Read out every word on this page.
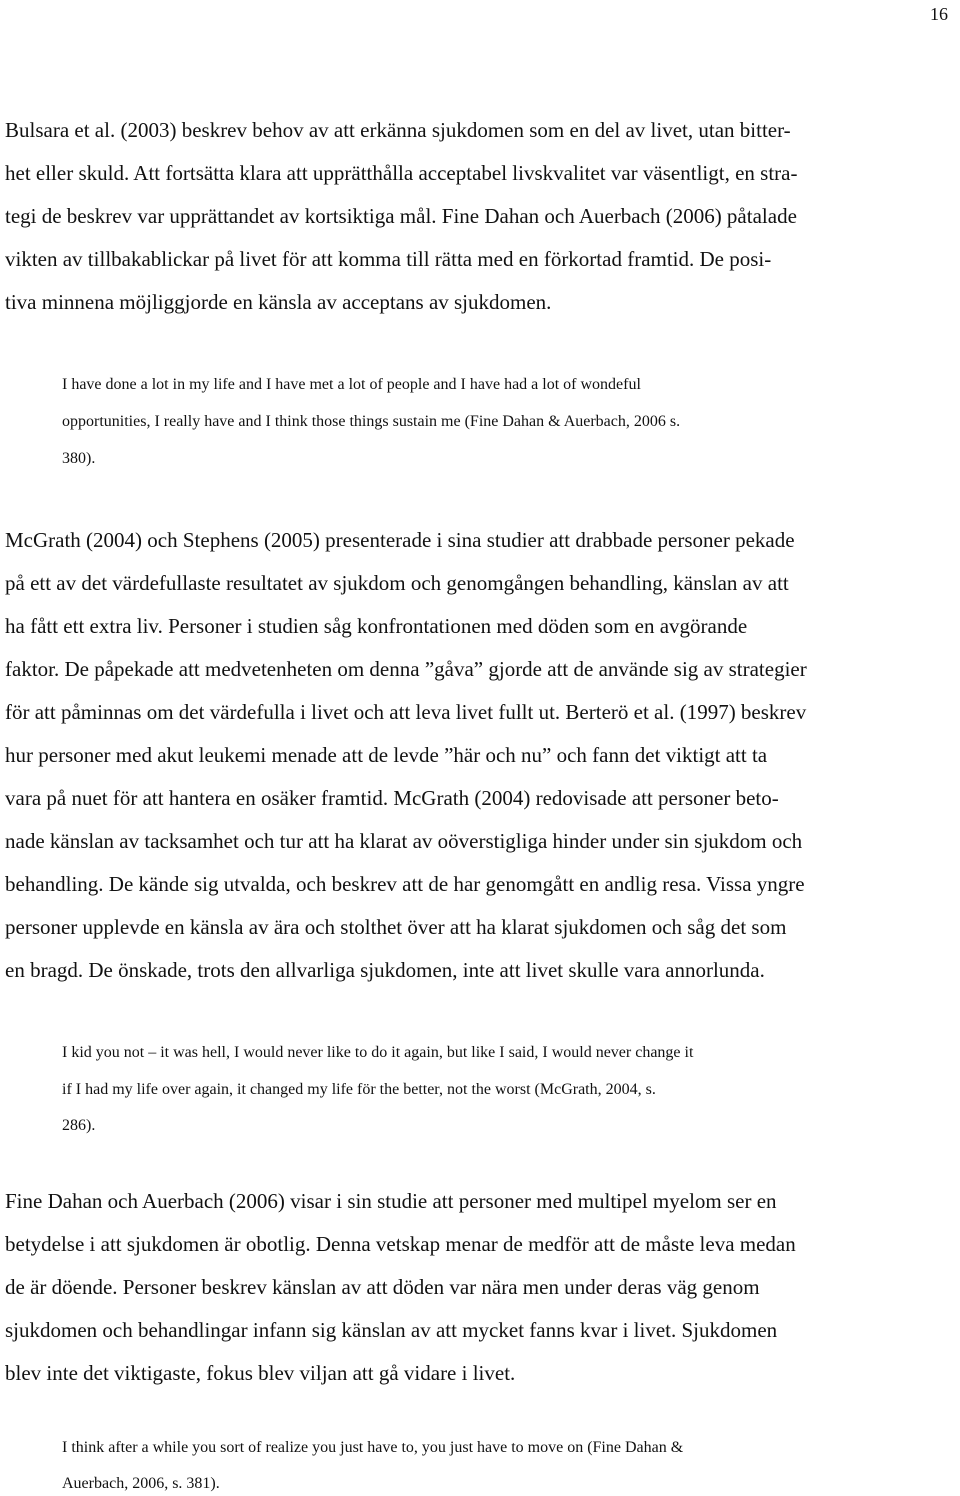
16
Bulsara et al. (2003) beskrev behov av att erkänna sjukdomen som en del av livet, utan bitter-
het eller skuld. Att fortsätta klara att upprätthålla acceptabel livskvalitet var väsentligt, en stra-
tegi de beskrev var upprättandet av kortsiktiga mål. Fine Dahan och Auerbach (2006) påtalade
vikten av tillbakablickar på livet för att komma till rätta med en förkortad framtid. De posi-
tiva minnena möjliggjorde en känsla av acceptans av sjukdomen.
I have done a lot in my life and I have met a lot of people and I have had a lot of wondeful
opportunities, I really have and I think those things sustain me (Fine Dahan & Auerbach, 2006 s.
380).
McGrath (2004) och Stephens (2005) presenterade i sina studier att drabbade personer pekade
på ett av det värdefullaste resultatet av sjukdom och genomgången behandling, känslan av att
ha fått ett extra liv. Personer i studien såg konfrontationen med döden som en avgörande
faktor. De påpekade att medvetenheten om denna ”gåva” gjorde att de använde sig av strategier
för att påminnas om det värdefulla i livet och att leva livet fullt ut. Berterö et al. (1997) beskrev
hur personer med akut leukemi menade att de levde ”här och nu” och fann det viktigt att ta
vara på nuet för att hantera en osäker framtid. McGrath (2004) redovisade att personer beto-
nade känslan av tacksamhet och tur att ha klarat av oöverstigliga hinder under sin sjukdom och
behandling. De kände sig utvalda, och beskrev att de har genomgått en andlig resa. Vissa yngre
personer upplevde en känsla av ära och stolthet över att ha klarat sjukdomen och såg det som
en bragd. De önskade, trots den allvarliga sjukdomen, inte att livet skulle vara annorlunda.
I kid you not – it was hell, I would never like to do it again, but like I said, I would never change it
if I had my life over again, it changed my life för the better, not the worst (McGrath, 2004, s.
286).
Fine Dahan och Auerbach (2006) visar i sin studie att personer med multipel myelom ser en
betydelse i att sjukdomen är obotlig. Denna vetskap menar de medför att de måste leva medan
de är döende. Personer beskrev känslan av att döden var nära men under deras väg genom
sjukdomen och behandlingar infann sig känslan av att mycket fanns kvar i livet. Sjukdomen
blev inte det viktigaste, fokus blev viljan att gå vidare i livet.
I think after a while you sort of realize you just have to, you just have to move on (Fine Dahan &
Auerbach, 2006, s. 381).
